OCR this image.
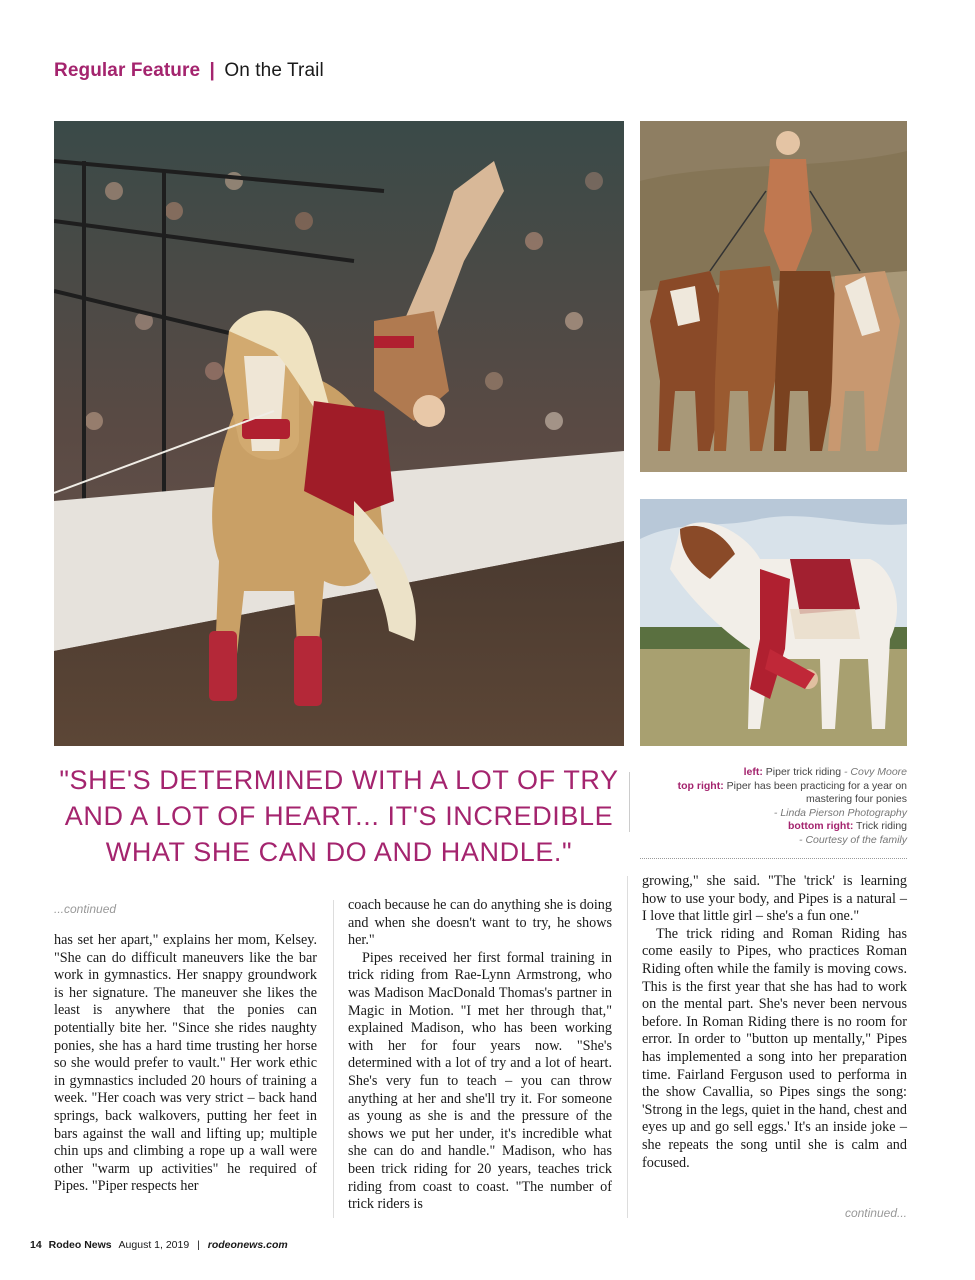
Regular Feature | On the Trail
"SHE'S DETERMINED WITH A LOT OF TRY AND A LOT OF HEART... IT'S INCREDIBLE WHAT SHE CAN DO AND HANDLE."
left: Piper trick riding - Covy Moore
top right: Piper has been practicing for a year on mastering four ponies
- Linda Pierson Photography
bottom right: Trick riding
- Courtesy of the family
...continued

has set her apart," explains her mom, Kelsey. "She can do difficult maneuvers like the bar work in gymnastics. Her snappy groundwork is her signature. The maneuver she likes the least is anywhere that the ponies can potentially bite her. "Since she rides naughty ponies, she has a hard time trusting her horse so she would prefer to vault." Her work ethic in gymnastics included 20 hours of training a week. "Her coach was very strict – back hand springs, back walkovers, putting her feet in bars against the wall and lifting up; multiple chin ups and climbing a rope up a wall were other "warm up activities" he required of Pipes. "Piper respects her

coach because he can do anything she is doing and when she doesn't want to try, he shows her."

Pipes received her first formal training in trick riding from Rae-Lynn Armstrong, who was Madison MacDonald Thomas's partner in Magic in Motion. "I met her through that," explained Madison, who has been working with her for four years now. "She's determined with a lot of try and a lot of heart. She's very fun to teach – you can throw anything at her and she'll try it. For someone as young as she is and the pressure of the shows we put her under, it's incredible what she can do and handle." Madison, who has been trick riding for 20 years, teaches trick riding from coast to coast. "The number of trick riders is

growing," she said. "The 'trick' is learning how to use your body, and Pipes is a natural – I love that little girl – she's a fun one."

The trick riding and Roman Riding has come easily to Pipes, who practices Roman Riding often while the family is moving cows. This is the first year that she has had to work on the mental part. She's never been nervous before. In Roman Riding there is no room for error. In order to "button up mentally," Pipes has implemented a song into her preparation time. Fairland Ferguson used to performa in the show Cavallia, so Pipes sings the song: 'Strong in the legs, quiet in the hand, chest and eyes up and go sell eggs.' It's an inside joke – she repeats the song until she is calm and focused.

continued...
14 Rodeo News August 1, 2019 | rodeonews.com
